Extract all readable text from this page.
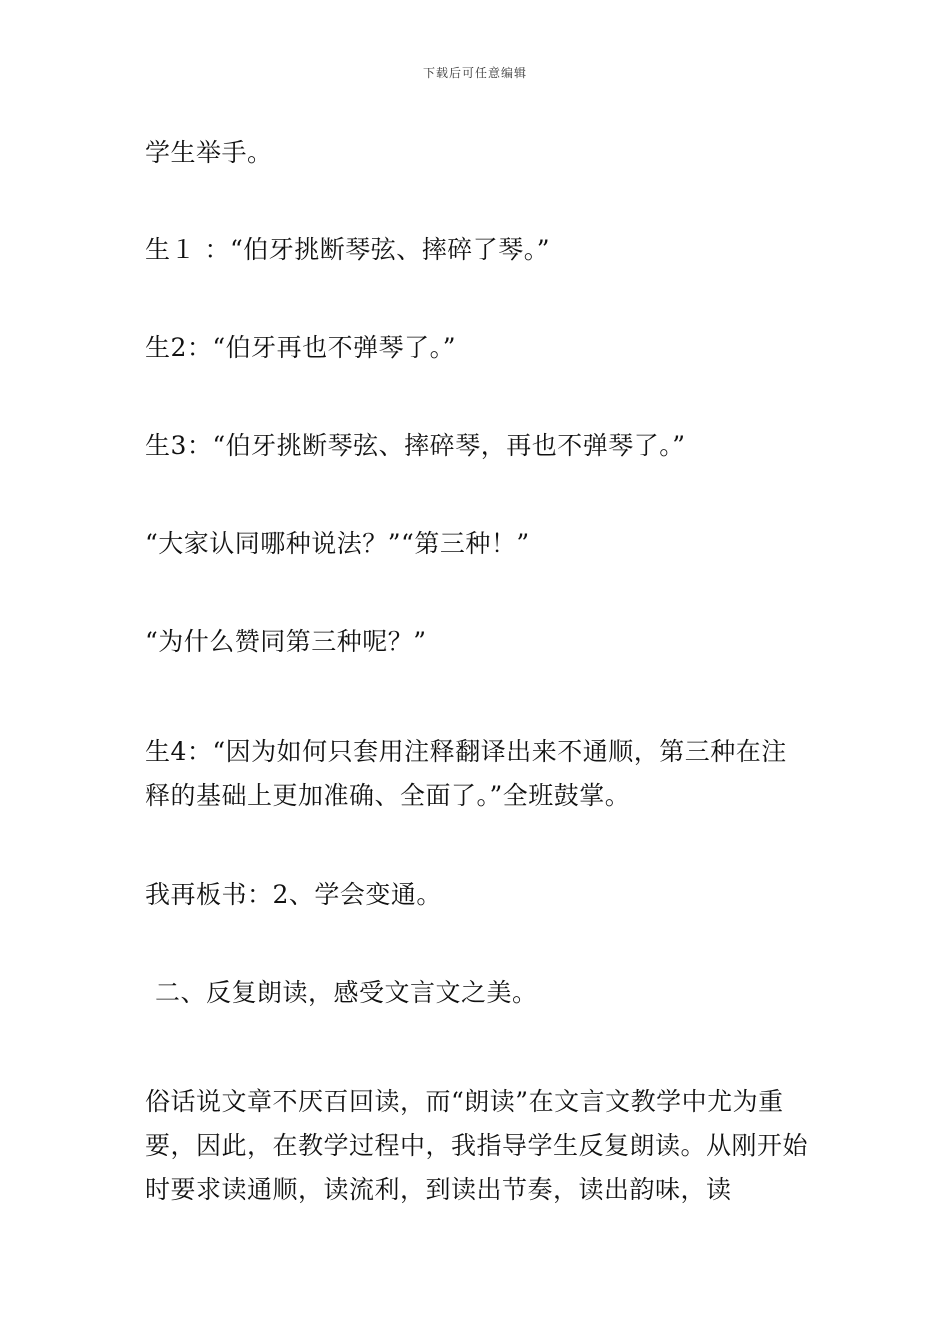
下载后可任意编辑

学生举手。

生１ ：“伯牙挑断琴弦、摔碎了琴。”

生2：“伯牙再也不弹琴了。”

生3：“伯牙挑断琴弦、摔碎琴，再也不弹琴了。”

“大家认同哪种说法？”“第三种！”

“为什么赞同第三种呢？”

生4：“因为如何只套用注释翻译出来不通顺，第三种在注释的基础上更加准确、全面了。”全班鼓掌。

我再板书：2、学会变通。

二、反复朗读，感受文言文之美。

俗话说文章不厌百回读，而“朗读”在文言文教学中尤为重要，因此，在教学过程中，我指导学生反复朗读。从刚开始时要求读通顺，读流利，到读出节奏，读出韵味，读
